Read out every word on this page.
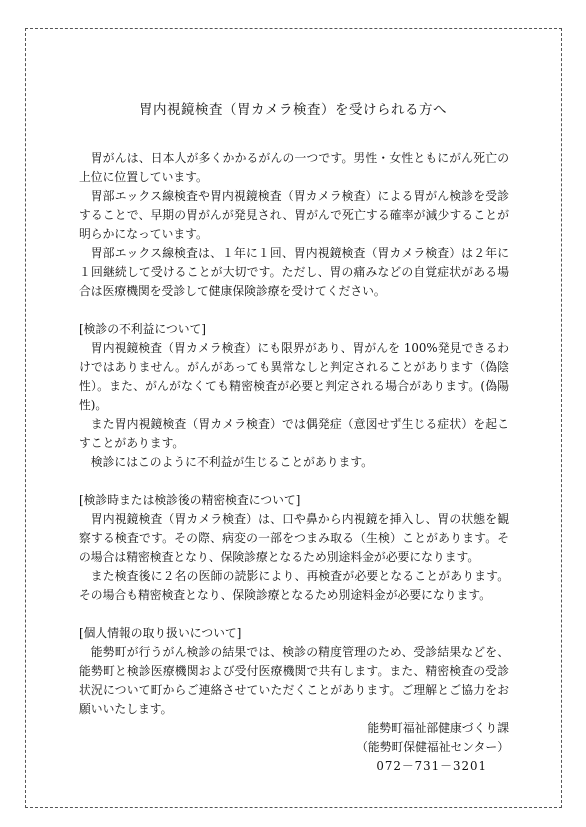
胃内視鏡検査（胃カメラ検査）を受けられる方へ

胃がんは、日本人が多くかかるがんの一つです。男性・女性ともにがん死亡の上位に位置しています。

胃部エックス線検査や胃内視鏡検査（胃カメラ検査）による胃がん検診を受診することで、早期の胃がんが発見され、胃がんで死亡する確率が減少することが明らかになっています。

胃部エックス線検査は、１年に１回、胃内視鏡検査（胃カメラ検査）は２年に１回継続して受けることが大切です。ただし、胃の痛みなどの自覚症状がある場合は医療機関を受診して健康保険診療を受けてください。

[検診の不利益について]

胃内視鏡検査（胃カメラ検査）にも限界があり、胃がんを 100%発見できるわけではありません。がんがあっても異常なしと判定されることがあります（偽陰性）。また、がんがなくても精密検査が必要と判定される場合があります。(偽陽性)。

また胃内視鏡検査（胃カメラ検査）では偶発症（意図せず生じる症状）を起こすことがあります。

検診にはこのように不利益が生じることがあります。

[検診時または検診後の精密検査について]

胃内視鏡検査（胃カメラ検査）は、口や鼻から内視鏡を挿入し、胃の状態を観察する検査です。その際、病変の一部をつまみ取る（生検）ことがあります。その場合は精密検査となり、保険診療となるため別途料金が必要になります。

また検査後に２名の医師の読影により、再検査が必要となることがあります。その場合も精密検査となり、保険診療となるため別途料金が必要になります。

[個人情報の取り扱いについて]

能勢町が行うがん検診の結果では、検診の精度管理のため、受診結果などを、能勢町と検診医療機関および受付医療機関で共有します。また、精密検査の受診状況について町からご連絡させていただくことがあります。ご理解とご協力をお願いいたします。

能勢町福祉部健康づくり課

（能勢町保健福祉センター）

072－731－3201
